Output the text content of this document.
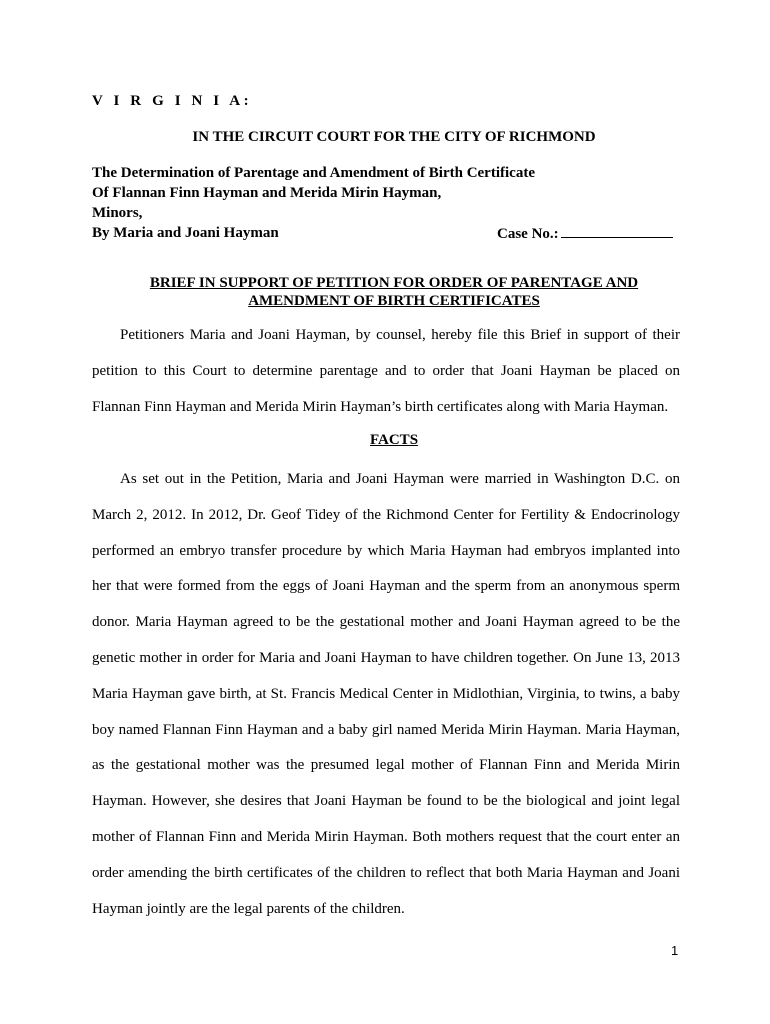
V I R G I N I A:
IN THE CIRCUIT COURT FOR THE CITY OF RICHMOND
The Determination of Parentage and Amendment of Birth Certificate
Of Flannan Finn Hayman and Merida Mirin Hayman,
Minors,
By Maria and Joani Hayman	Case No.:
BRIEF IN SUPPORT OF PETITION FOR ORDER OF PARENTAGE AND
AMENDMENT OF BIRTH CERTIFICATES
Petitioners Maria and Joani Hayman, by counsel, hereby file this Brief in support of their
petition to this Court to determine parentage and to order that Joani Hayman be placed on
Flannan Finn Hayman and Merida Mirin Hayman’s birth certificates along with Maria Hayman.
FACTS
As set out in the Petition, Maria and Joani Hayman were married in Washington D.C. on
March 2, 2012. In 2012, Dr. Geof Tidey of the Richmond Center for Fertility & Endocrinology
performed an embryo transfer procedure by which Maria Hayman had embryos implanted into
her that were formed from the eggs of Joani Hayman and the sperm from an anonymous sperm
donor. Maria Hayman agreed to be the gestational mother and Joani Hayman agreed to be the
genetic mother in order for Maria and Joani Hayman to have children together. On June 13, 2013
Maria Hayman gave birth, at St. Francis Medical Center in Midlothian, Virginia, to twins, a baby
boy named Flannan Finn Hayman and a baby girl named Merida Mirin Hayman. Maria Hayman,
as the gestational mother was the presumed legal mother of Flannan Finn and Merida Mirin
Hayman. However, she desires that Joani Hayman be found to be the biological and joint legal
mother of Flannan Finn and Merida Mirin Hayman. Both mothers request that the court enter an
order amending the birth certificates of the children to reflect that both Maria Hayman and Joani
Hayman jointly are the legal parents of the children.
1
